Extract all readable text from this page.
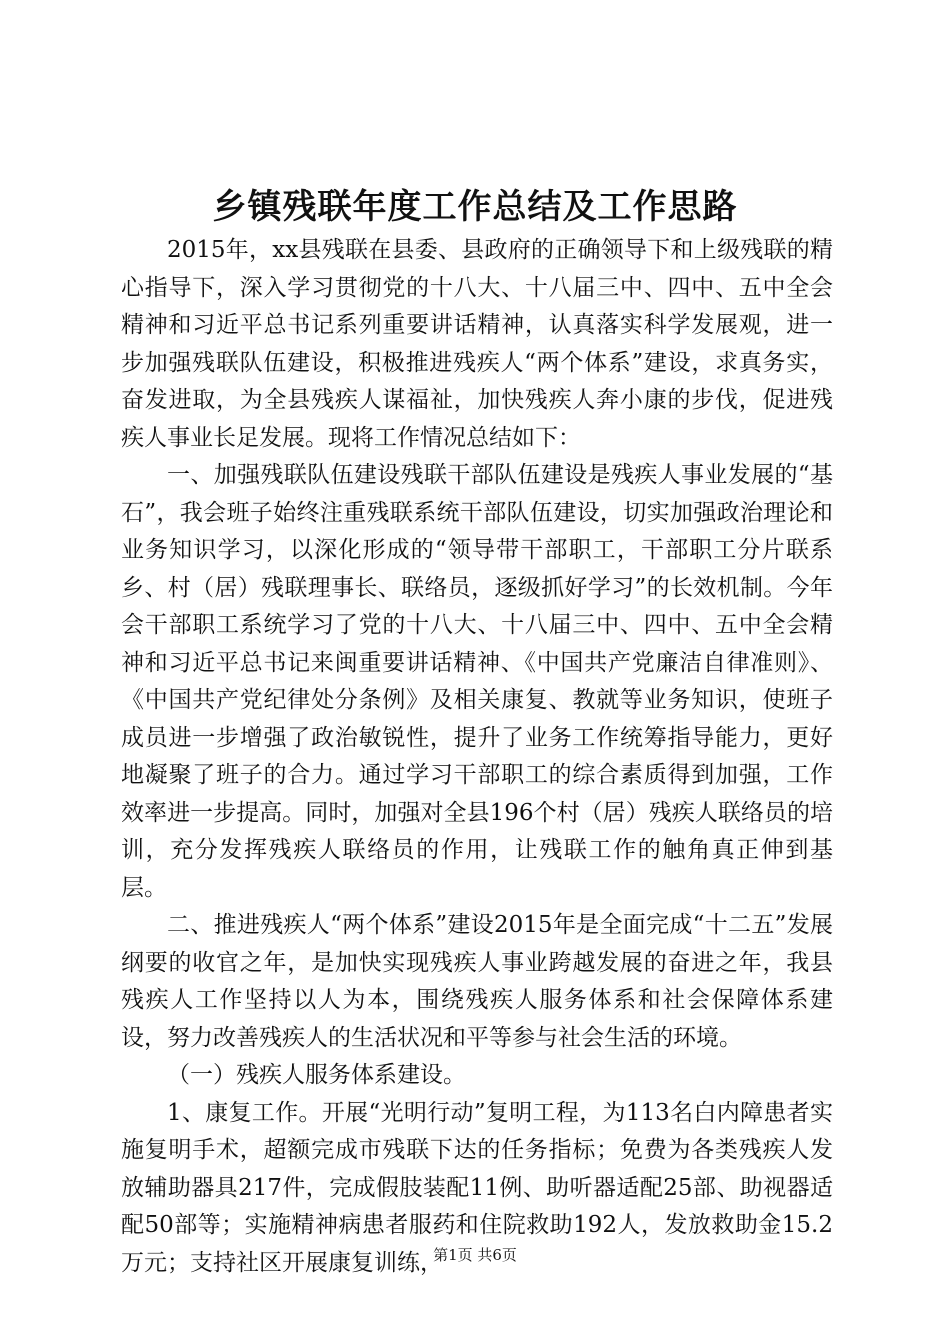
乡镇残联年度工作总结及工作思路

2015年，xx县残联在县委、县政府的正确领导下和上级残联的精心指导下，深入学习贯彻党的十八大、十八届三中、四中、五中全会精神和习近平总书记系列重要讲话精神，认真落实科学发展观，进一步加强残联队伍建设，积极推进残疾人“两个体系”建设，求真务实，奋发进取，为全县残疾人谋福祉，加快残疾人奔小康的步伐，促进残疾人事业长足发展。现将工作情况总结如下：

一、加强残联队伍建设残联干部队伍建设是残疾人事业发展的“基石”，我会班子始终注重残联系统干部队伍建设，切实加强政治理论和业务知识学习，以深化形成的“领导带干部职工，干部职工分片联系乡、村（居）残联理事长、联络员，逐级抓好学习”的长效机制。今年会干部职工系统学习了党的十八大、十八届三中、四中、五中全会精神和习近平总书记来闽重要讲话精神、《中国共产党廉洁自律准则》、《中国共产党纪律处分条例》及相关康复、教就等业务知识，使班子成员进一步增强了政治敏锐性，提升了业务工作统筹指导能力，更好地凝聚了班子的合力。通过学习干部职工的综合素质得到加强，工作效率进一步提高。同时，加强对全县196个村（居）残疾人联络员的培训，充分发挥残疾人联络员的作用，让残联工作的触角真正伸到基层。

二、推进残疾人“两个体系”建设2015年是全面完成“十二五”发展纲要的收官之年，是加快实现残疾人事业跨越发展的奋进之年，我县残疾人工作坚持以人为本，围绕残疾人服务体系和社会保障体系建设，努力改善残疾人的生活状况和平等参与社会生活的环境。

（一）残疾人服务体系建设。

1、康复工作。开展“光明行动”复明工程，为113名白内障患者实施复明手术，超额完成市残联下达的任务指标；免费为各类残疾人发放辅助器具217件，完成假肢装配11例、助听器适配25部、助视器适配50部等；实施精神病患者服药和住院救助192人，发放救助金15.2万元；支持社区开展康复训练，

第1页 共6页
